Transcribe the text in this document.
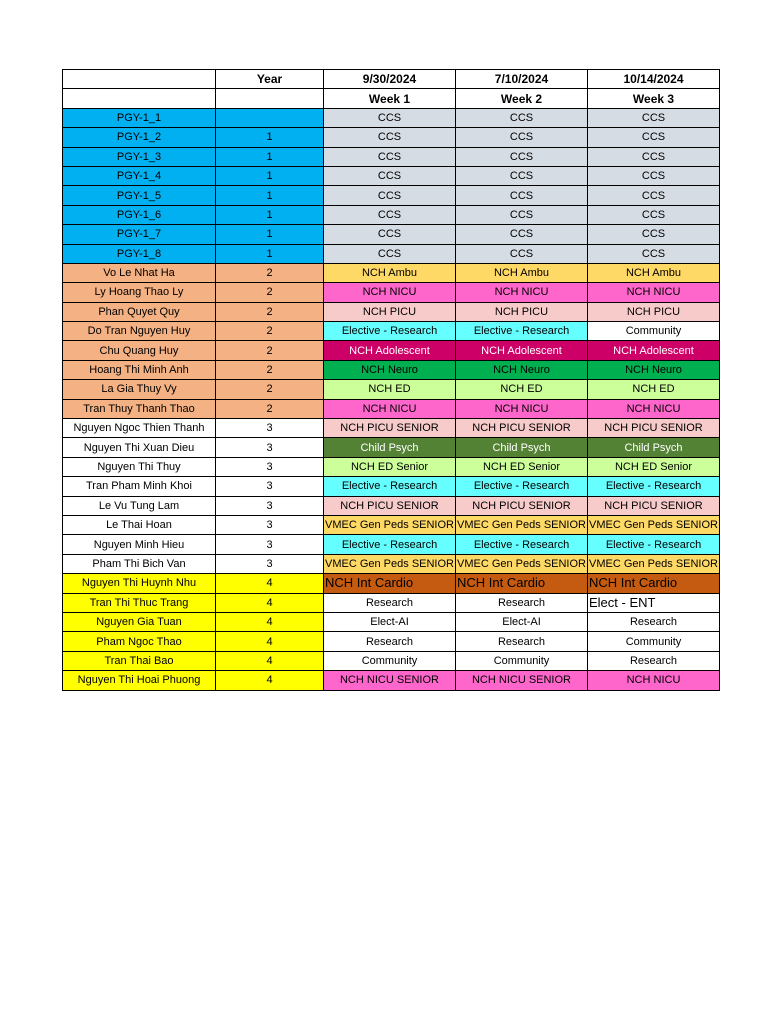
	Year	9/30/2024	7/10/2024	10/14/2024
		Week 1	Week 2	Week 3
PGY-1_1		CCS	CCS	CCS
PGY-1_2	1	CCS	CCS	CCS
PGY-1_3	1	CCS	CCS	CCS
PGY-1_4	1	CCS	CCS	CCS
PGY-1_5	1	CCS	CCS	CCS
PGY-1_6	1	CCS	CCS	CCS
PGY-1_7	1	CCS	CCS	CCS
PGY-1_8	1	CCS	CCS	CCS
Vo Le Nhat Ha	2	NCH Ambu	NCH Ambu	NCH Ambu
Ly Hoang Thao Ly	2	NCH NICU	NCH NICU	NCH NICU
Phan Quyet Quy	2	NCH PICU	NCH PICU	NCH PICU
Do Tran Nguyen Huy	2	Elective - Research	Elective - Research	Community
Chu Quang Huy	2	NCH Adolescent	NCH Adolescent	NCH Adolescent
Hoang Thi Minh Anh	2	NCH Neuro	NCH Neuro	NCH Neuro
La Gia Thuy Vy	2	NCH ED	NCH ED	NCH ED
Tran Thuy Thanh Thao	2	NCH NICU	NCH NICU	NCH NICU
Nguyen Ngoc Thien Thanh	3	NCH PICU SENIOR	NCH PICU SENIOR	NCH PICU SENIOR
Nguyen Thi Xuan Dieu	3	Child Psych	Child Psych	Child Psych
Nguyen Thi Thuy	3	NCH ED Senior	NCH ED Senior	NCH ED Senior
Tran Pham Minh Khoi	3	Elective - Research	Elective - Research	Elective - Research
Le Vu Tung Lam	3	NCH PICU SENIOR	NCH PICU SENIOR	NCH PICU SENIOR
Le Thai Hoan	3	VMEC Gen Peds SENIOR	VMEC Gen Peds SENIOR	VMEC Gen Peds SENIOR
Nguyen Minh Hieu	3	Elective - Research	Elective - Research	Elective - Research
Pham Thi Bich Van	3	VMEC Gen Peds SENIOR	VMEC Gen Peds SENIOR	VMEC Gen Peds SENIOR
Nguyen Thi Huynh Nhu	4	NCH Int Cardio	NCH Int Cardio	NCH Int Cardio
Tran Thi Thuc Trang	4	Research	Research	Elect - ENT
Nguyen Gia Tuan	4	Elect-AI	Elect-AI	Research
Pham Ngoc Thao	4	Research	Research	Community
Tran Thai Bao	4	Community	Community	Research
Nguyen Thi Hoai Phuong	4	NCH NICU SENIOR	NCH NICU SENIOR	NCH NICU
